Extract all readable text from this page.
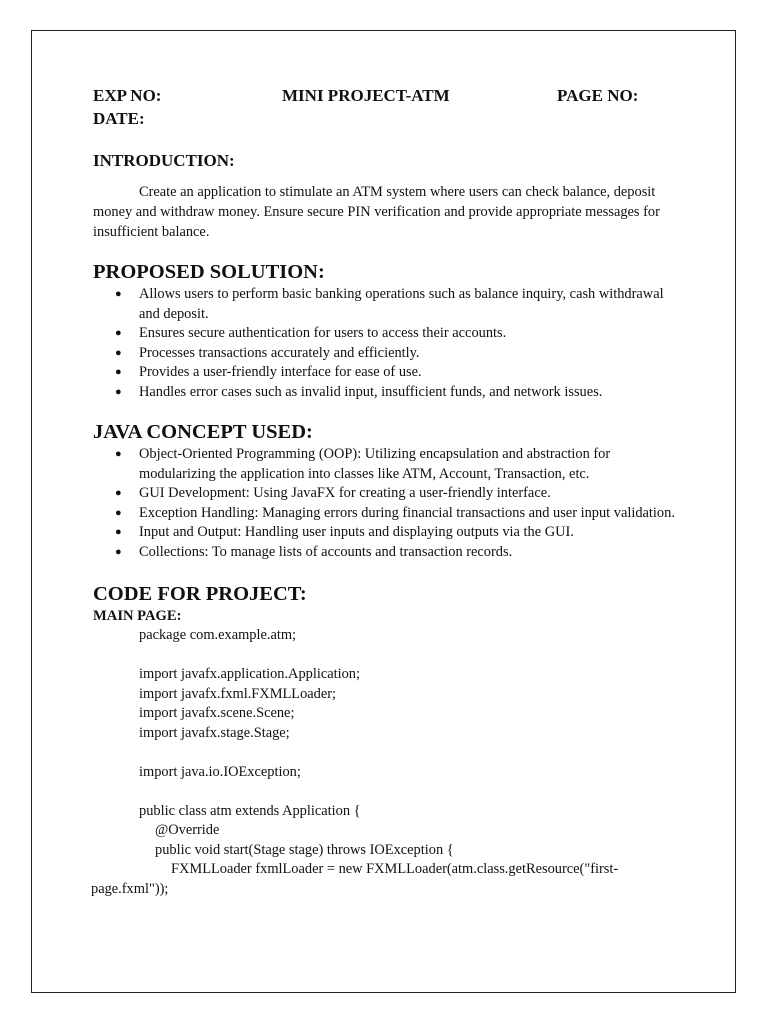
EXP NO:	MINI PROJECT-ATM	PAGE NO:
DATE:
INTRODUCTION:

Create an application to stimulate an ATM system where users can check balance, deposit money and withdraw money. Ensure secure PIN verification and provide appropriate messages for insufficient balance.

PROPOSED SOLUTION:
● Allows users to perform basic banking operations such as balance inquiry, cash withdrawal and deposit.
● Ensures secure authentication for users to access their accounts.
● Processes transactions accurately and efficiently.
● Provides a user-friendly interface for ease of use.
● Handles error cases such as invalid input, insufficient funds, and network issues.
JAVA CONCEPT USED:
● Object-Oriented Programming (OOP): Utilizing encapsulation and abstraction for modularizing the application into classes like ATM, Account, Transaction, etc.
● GUI Development: Using JavaFX for creating a user-friendly interface.
● Exception Handling: Managing errors during financial transactions and user input validation.
● Input and Output: Handling user inputs and displaying outputs via the GUI.
● Collections: To manage lists of accounts and transaction records.
CODE FOR PROJECT:
MAIN PAGE:
package com.example.atm;
import javafx.application.Application;
import javafx.fxml.FXMLLoader;
import javafx.scene.Scene;
import javafx.stage.Stage;
import java.io.IOException;
public class atm extends Application {
@Override
public void start(Stage stage) throws IOException {
FXMLLoader fxmlLoader = new FXMLLoader(atm.class.getResource("first-
page.fxml"));
